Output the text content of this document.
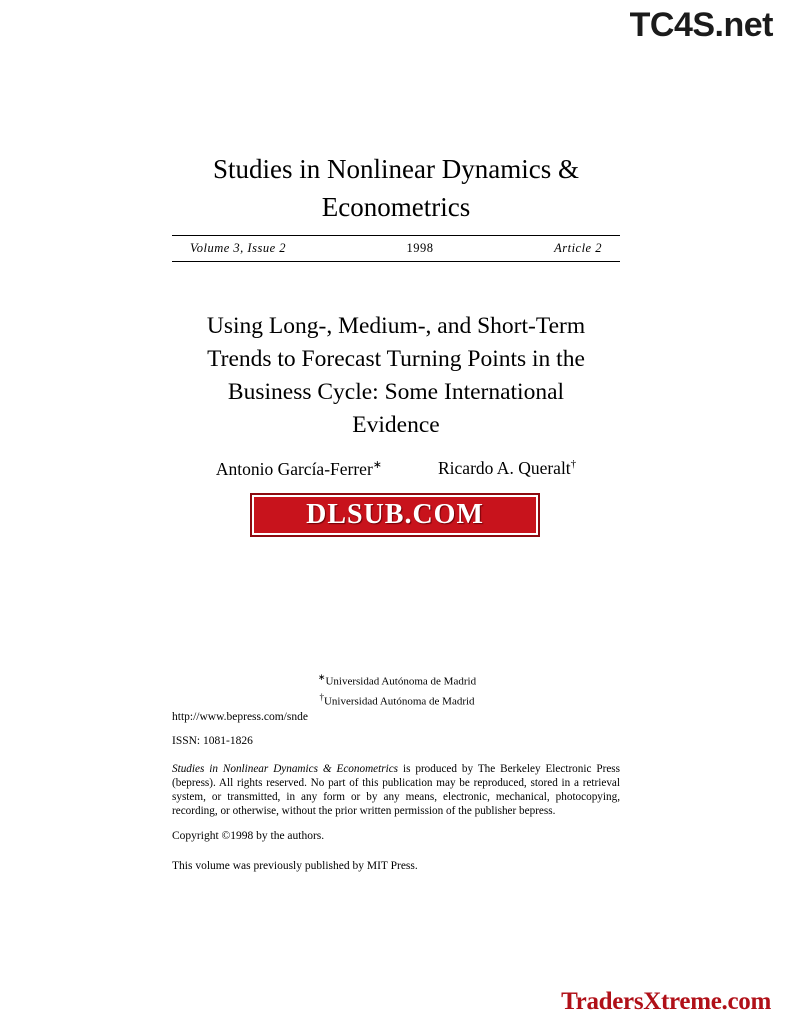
TC4S.net
Studies in Nonlinear Dynamics &
Econometrics
Volume 3, Issue 2	1998	Article 2
Using Long-, Medium-, and Short-Term
Trends to Forecast Turning Points in the
Business Cycle: Some International
Evidence
Antonio García-Ferrer∗	Ricardo A. Queralt†
DLSUB.COM
∗Universidad Autónoma de Madrid
†Universidad Autónoma de Madrid
http://www.bepress.com/snde
ISSN: 1081-1826
Studies in Nonlinear Dynamics & Econometrics is produced by The Berkeley Electronic Press (bepress). All rights reserved. No part of this publication may be reproduced, stored in a retrieval system, or transmitted, in any form or by any means, electronic, mechanical, photocopying, recording, or otherwise, without the prior written permission of the publisher bepress.
Copyright ©1998 by the authors.
This volume was previously published by MIT Press.
TradersXtreme.com
